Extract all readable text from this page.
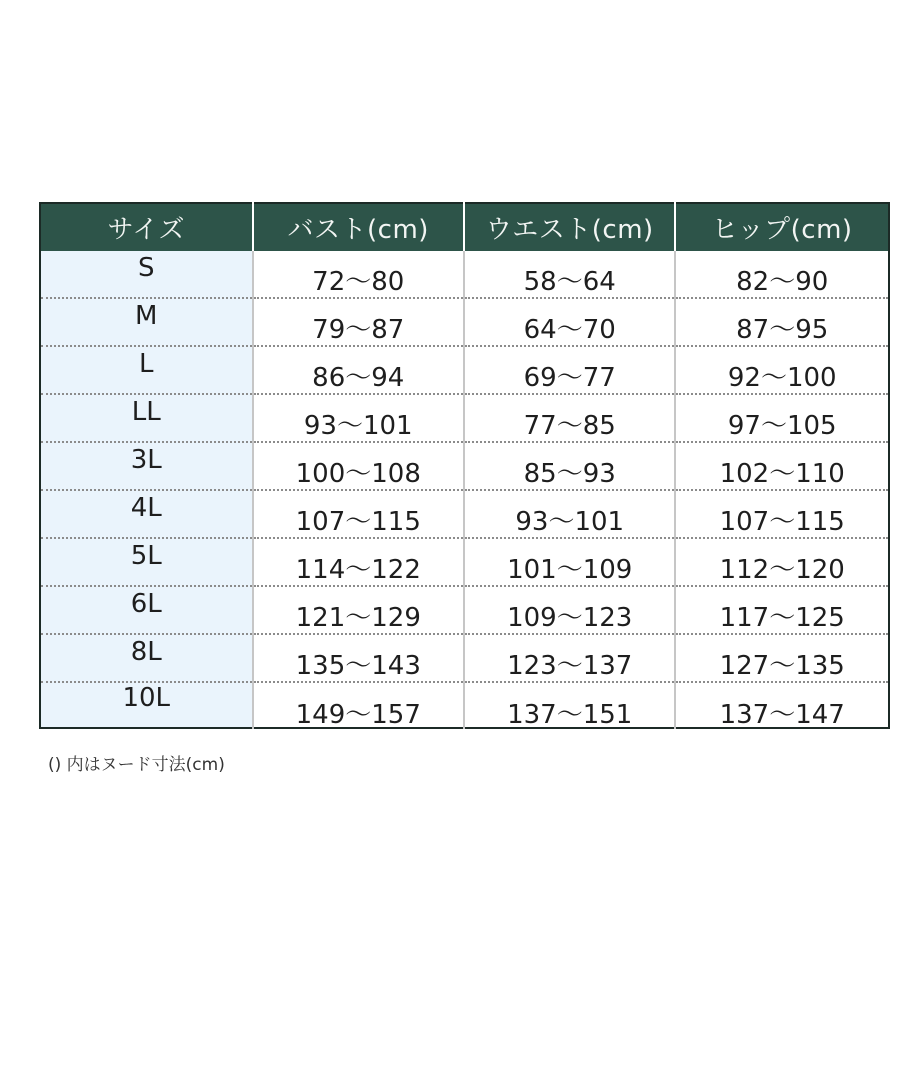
サイズ	バスト(cm)	ウエスト(cm)	ヒップ(cm)
S	72～80	58～64	82～90
M	79～87	64～70	87～95
L	86～94	69～77	92～100
LL	93～101	77～85	97～105
3L	100～108	85～93	102～110
4L	107～115	93～101	107～115
5L	114～122	101～109	112～120
6L	121～129	109～123	117～125
8L	135～143	123～137	127～135
10L	149～157	137～151	137～147

() 内はヌード寸法(cm)
